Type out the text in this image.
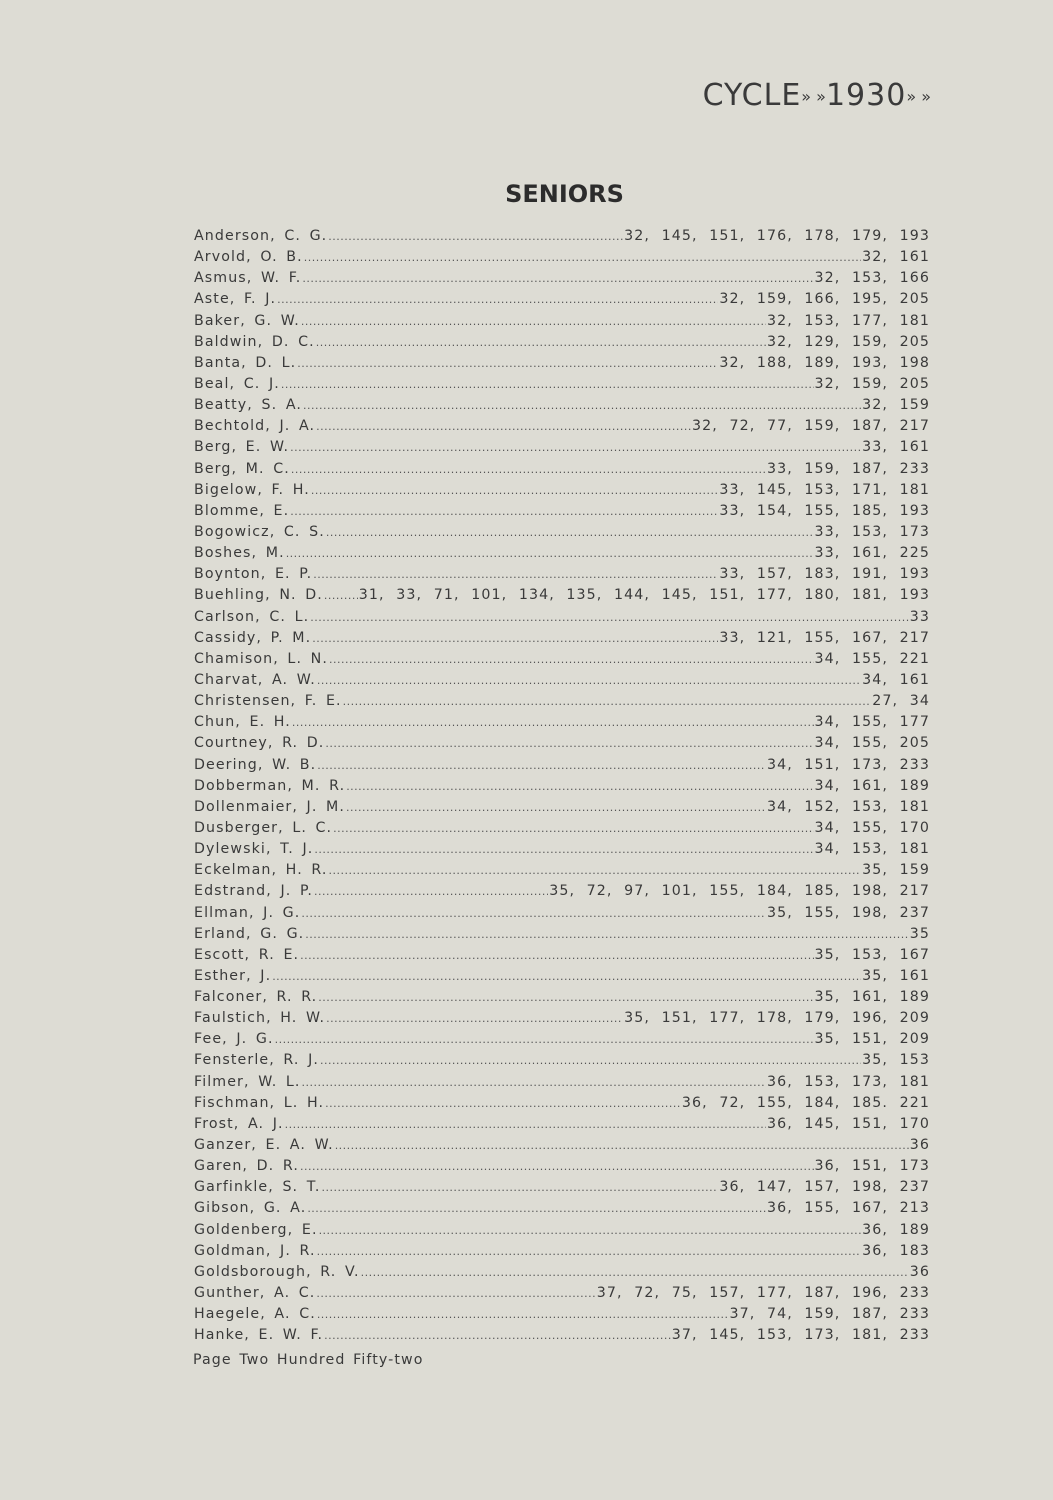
CYCLE» »1930» »
SENIORS
Anderson, C. G. .....	32, 145, 151, 176, 178, 179, 193
Arvold, O. B. .....	32, 161
Asmus, W. F. .....	32, 153, 166
Aste, F. J. .....	32, 159, 166, 195, 205
Baker, G. W. .....	32, 153, 177, 181
Baldwin, D. C. .....	32, 129, 159, 205
Banta, D. L. .....	32, 188, 189, 193, 198
Beal, C. J. .....	32, 159, 205
Beatty, S. A. .....	32, 159
Bechtold, J. A. .....	32, 72, 77, 159, 187, 217
Berg, E. W. .....	33, 161
Berg, M. C. .....	33, 159, 187, 233
Bigelow, F. H. .....	33, 145, 153, 171, 181
Blomme, E. .....	33, 154, 155, 185, 193
Bogowicz, C. S. .....	33, 153, 173
Boshes, M. .....	33, 161, 225
Boynton, E. P. .....	33, 157, 183, 191, 193
Buehling, N. D. .....	31, 33, 71, 101, 134, 135, 144, 145, 151, 177, 180, 181, 193
Carlson, C. L. .....	33
Cassidy, P. M. .....	33, 121, 155, 167, 217
Chamison, L. N. .....	34, 155, 221
Charvat, A. W. .....	34, 161
Christensen, F. E. .....	27, 34
Chun, E. H. .....	34, 155, 177
Courtney, R. D. .....	34, 155, 205
Deering, W. B. .....	34, 151, 173, 233
Dobberman, M. R. .....	34, 161, 189
Dollenmaier, J. M. .....	34, 152, 153, 181
Dusberger, L. C. .....	34, 155, 170
Dylewski, T. J. .....	34, 153, 181
Eckelman, H. R. .....	35, 159
Edstrand, J. P. .....	35, 72, 97, 101, 155, 184, 185, 198, 217
Ellman, J. G. .....	35, 155, 198, 237
Erland, G. G. .....	35
Escott, R. E. .....	35, 153, 167
Esther, J. .....	35, 161
Falconer, R. R. .....	35, 161, 189
Faulstich, H. W. .....	35, 151, 177, 178, 179, 196, 209
Fee, J. G. .....	35, 151, 209
Fensterle, R. J. .....	35, 153
Filmer, W. L. .....	36, 153, 173, 181
Fischman, L. H. .....	36, 72, 155, 184, 185. 221
Frost, A. J. .....	36, 145, 151, 170
Ganzer, E. A. W. .....	36
Garen, D. R. .....	36, 151, 173
Garfinkle, S. T. .....	36, 147, 157, 198, 237
Gibson, G. A. .....	36, 155, 167, 213
Goldenberg, E. .....	36, 189
Goldman, J. R. .....	36, 183
Goldsborough, R. V. .....	36
Gunther, A. C. .....	37, 72, 75, 157, 177, 187, 196, 233
Haegele, A. C. .....	37, 74, 159, 187, 233
Hanke, E. W. F. .....	37, 145, 153, 173, 181, 233
Page Two Hundred Fifty-two
